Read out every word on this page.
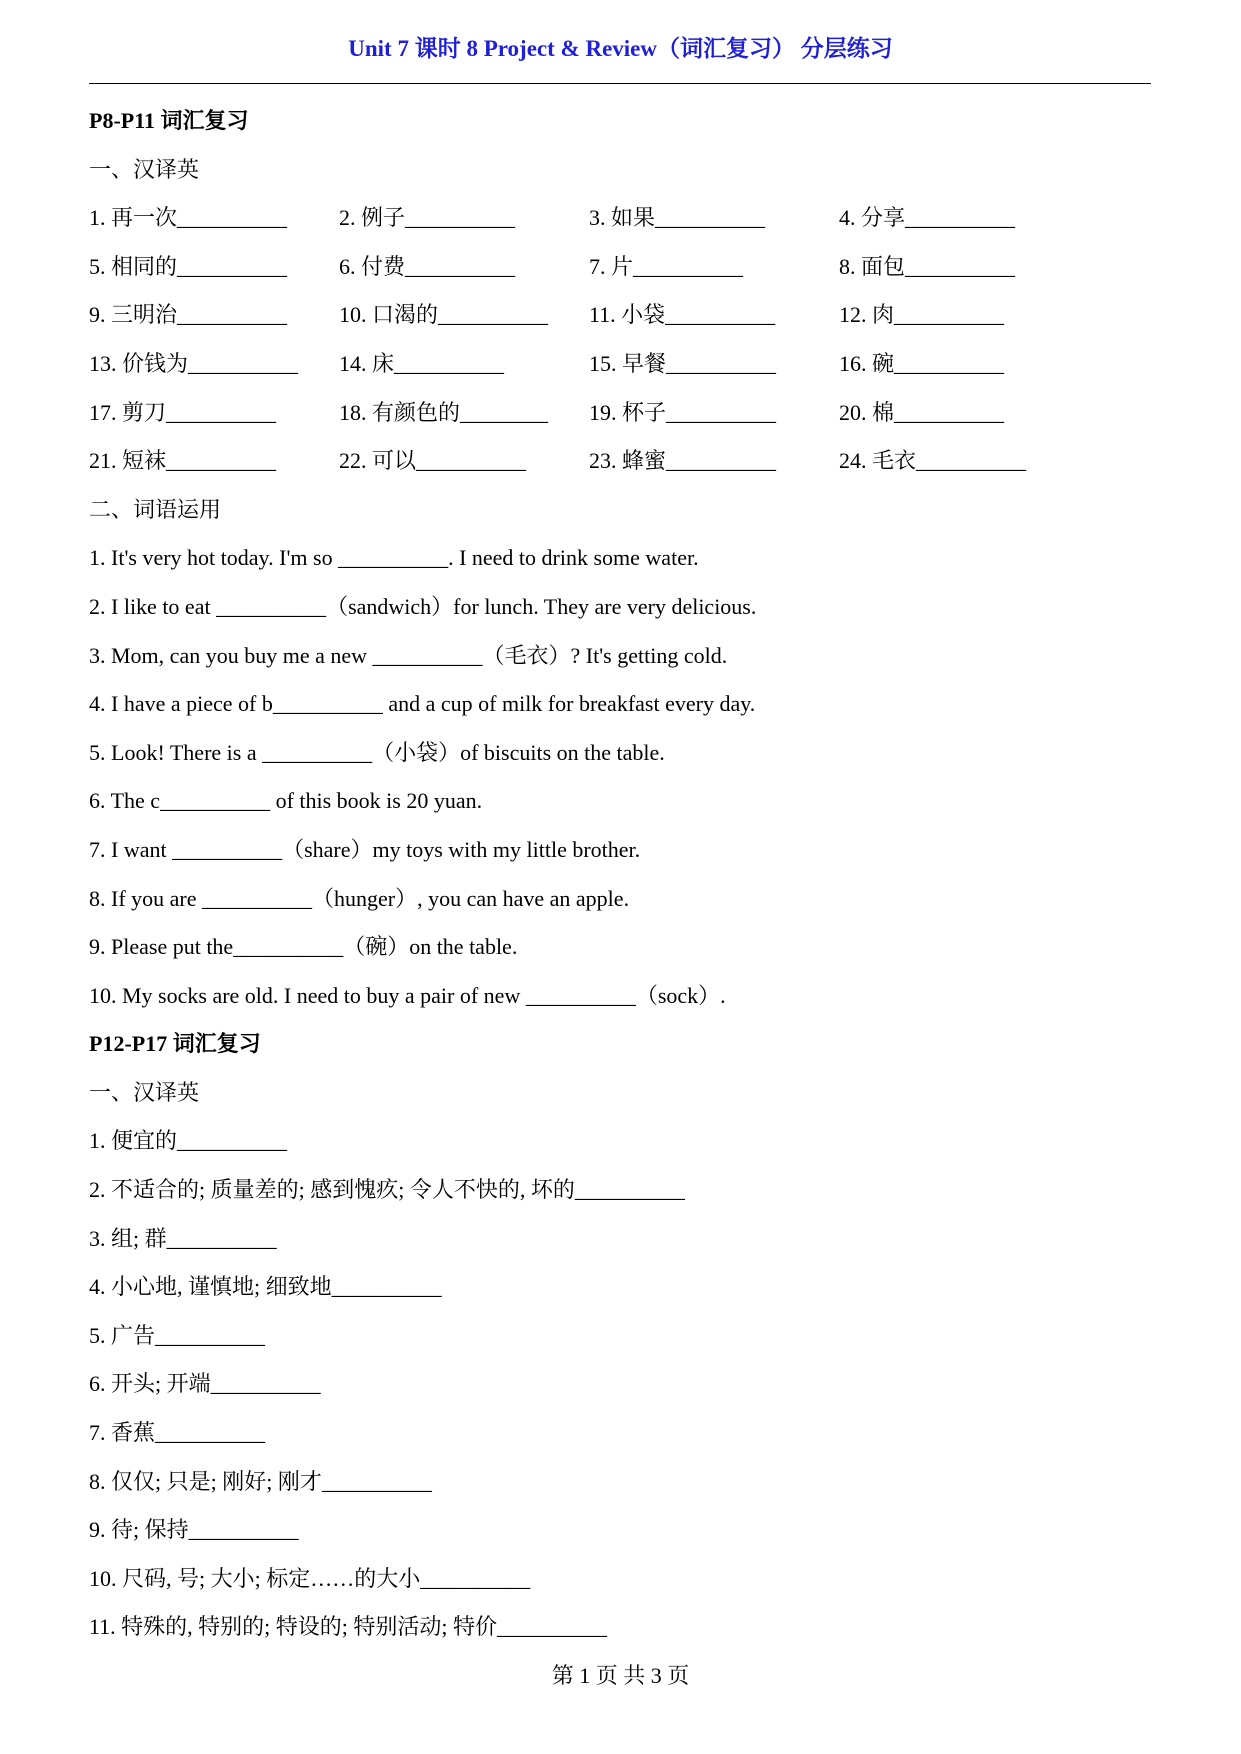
Unit 7 课时 8 Project & Review（词汇复习） 分层练习
P8-P11 词汇复习
一、汉译英
1. 再一次__________	2. 例子__________	3. 如果__________	4. 分享__________
5. 相同的__________	6. 付费__________	7. 片__________	8. 面包__________
9. 三明治__________	10. 口渴的__________	11. 小袋__________	12. 肉__________
13. 价钱为__________	14. 床__________	15. 早餐__________	16. 碗__________
17. 剪刀__________	18. 有颜色的________	19. 杯子__________	20. 棉__________
21. 短袜__________	22. 可以__________	23. 蜂蜜__________	24. 毛衣__________
二、词语运用
1. It's very hot today. I'm so __________. I need to drink some water.
2. I like to eat __________（sandwich）for lunch. They are very delicious.
3. Mom, can you buy me a new __________（毛衣）? It's getting cold.
4. I have a piece of b__________ and a cup of milk for breakfast every day.
5. Look! There is a __________（小袋）of biscuits on the table.
6. The c__________ of this book is 20 yuan.
7. I want __________（share）my toys with my little brother.
8. If you are __________（hunger）, you can have an apple.
9. Please put the__________（碗）on the table.
10. My socks are old. I need to buy a pair of new __________（sock）.
P12-P17 词汇复习
一、汉译英
1. 便宜的__________
2. 不适合的; 质量差的; 感到愧疚; 令人不快的, 坏的__________
3. 组; 群__________
4. 小心地, 谨慎地; 细致地__________
5. 广告__________
6. 开头; 开端__________
7. 香蕉__________
8. 仅仅; 只是; 刚好; 刚才__________
9. 待; 保持__________
10. 尺码, 号; 大小; 标定……的大小__________
11. 特殊的, 特别的; 特设的; 特别活动; 特价__________
第 1 页 共 3 页
